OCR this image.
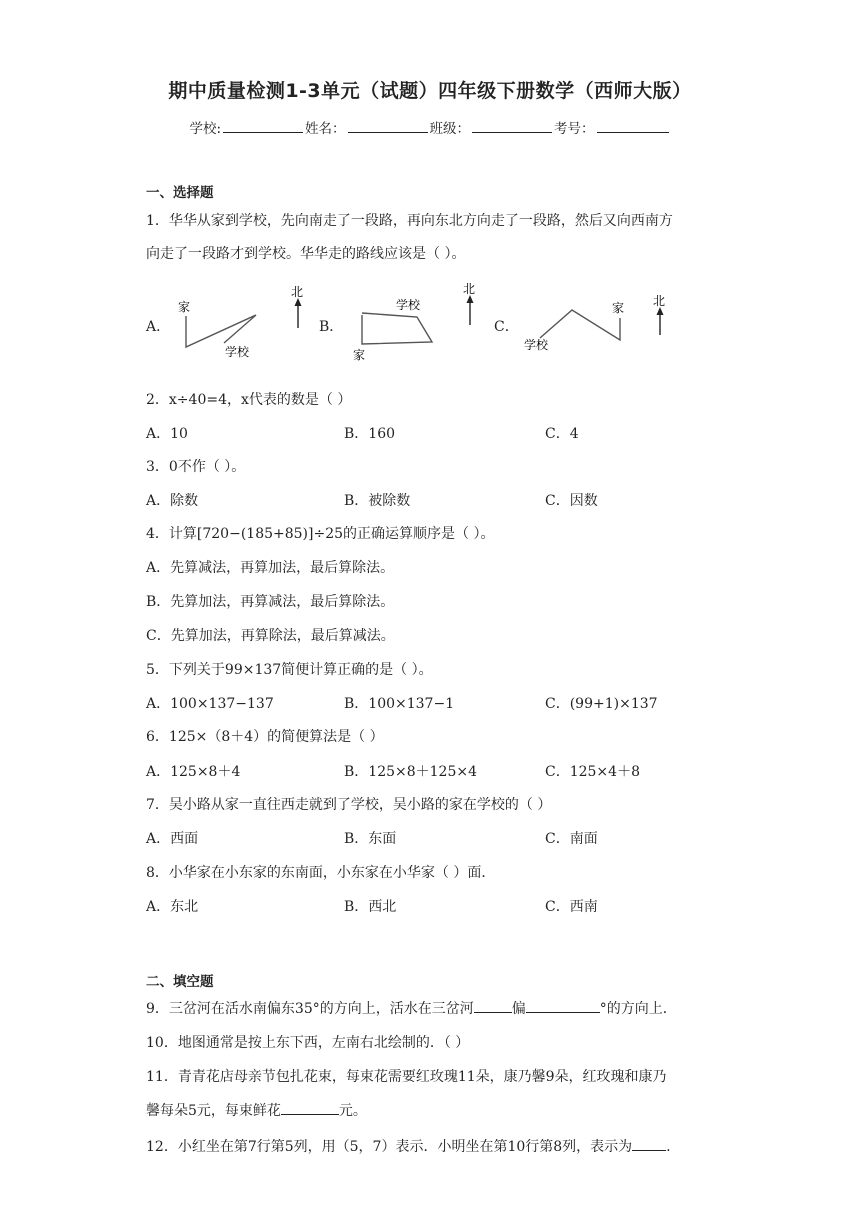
期中质量检测1-3单元（试题）四年级下册数学（西师大版）
学校:	姓名：	班级：	考号：
一、选择题
1．华华从家到学校，先向南走了一段路，再向东北方向走了一段路，然后又向西南方
向走了一段路才到学校。华华走的路线应该是（ ）。
A．	B．	C．
家
学校
北
家
学校
北
家
学校
北
2．x÷40=4，x代表的数是（ ）
A．10	B．160	C．4
3．0不作（ ）。
A．除数	B．被除数	C．因数
4．计算[720−(185+85)]÷25的正确运算顺序是（ ）。
A．先算减法，再算加法，最后算除法。
B．先算加法，再算减法，最后算除法。
C．先算加法，再算除法，最后算减法。
5．下列关于99×137简便计算正确的是（ ）。
A．100×137−137	B．100×137−1	C．(99+1)×137
6．125×（8＋4）的简便算法是（ ）
A．125×8＋4	B．125×8＋125×4	C．125×4＋8
7．吴小路从家一直往西走就到了学校，吴小路的家在学校的（ ）
A．西面	B．东面	C．南面
8．小华家在小东家的东南面，小东家在小华家（ ）面．
A．东北	B．西北	C．西南
二、填空题
9．三岔河在活水南偏东35°的方向上，活水在三岔河	偏	°的方向上．
10．地图通常是按上东下西，左南右北绘制的．（ ）
11．青青花店母亲节包扎花束，每束花需要红玫瑰11朵，康乃馨9朵，红玫瑰和康乃
馨每朵5元，每束鲜花	元。
12．小红坐在第7行第5列，用（5，7）表示．小明坐在第10行第8列，表示为 .
